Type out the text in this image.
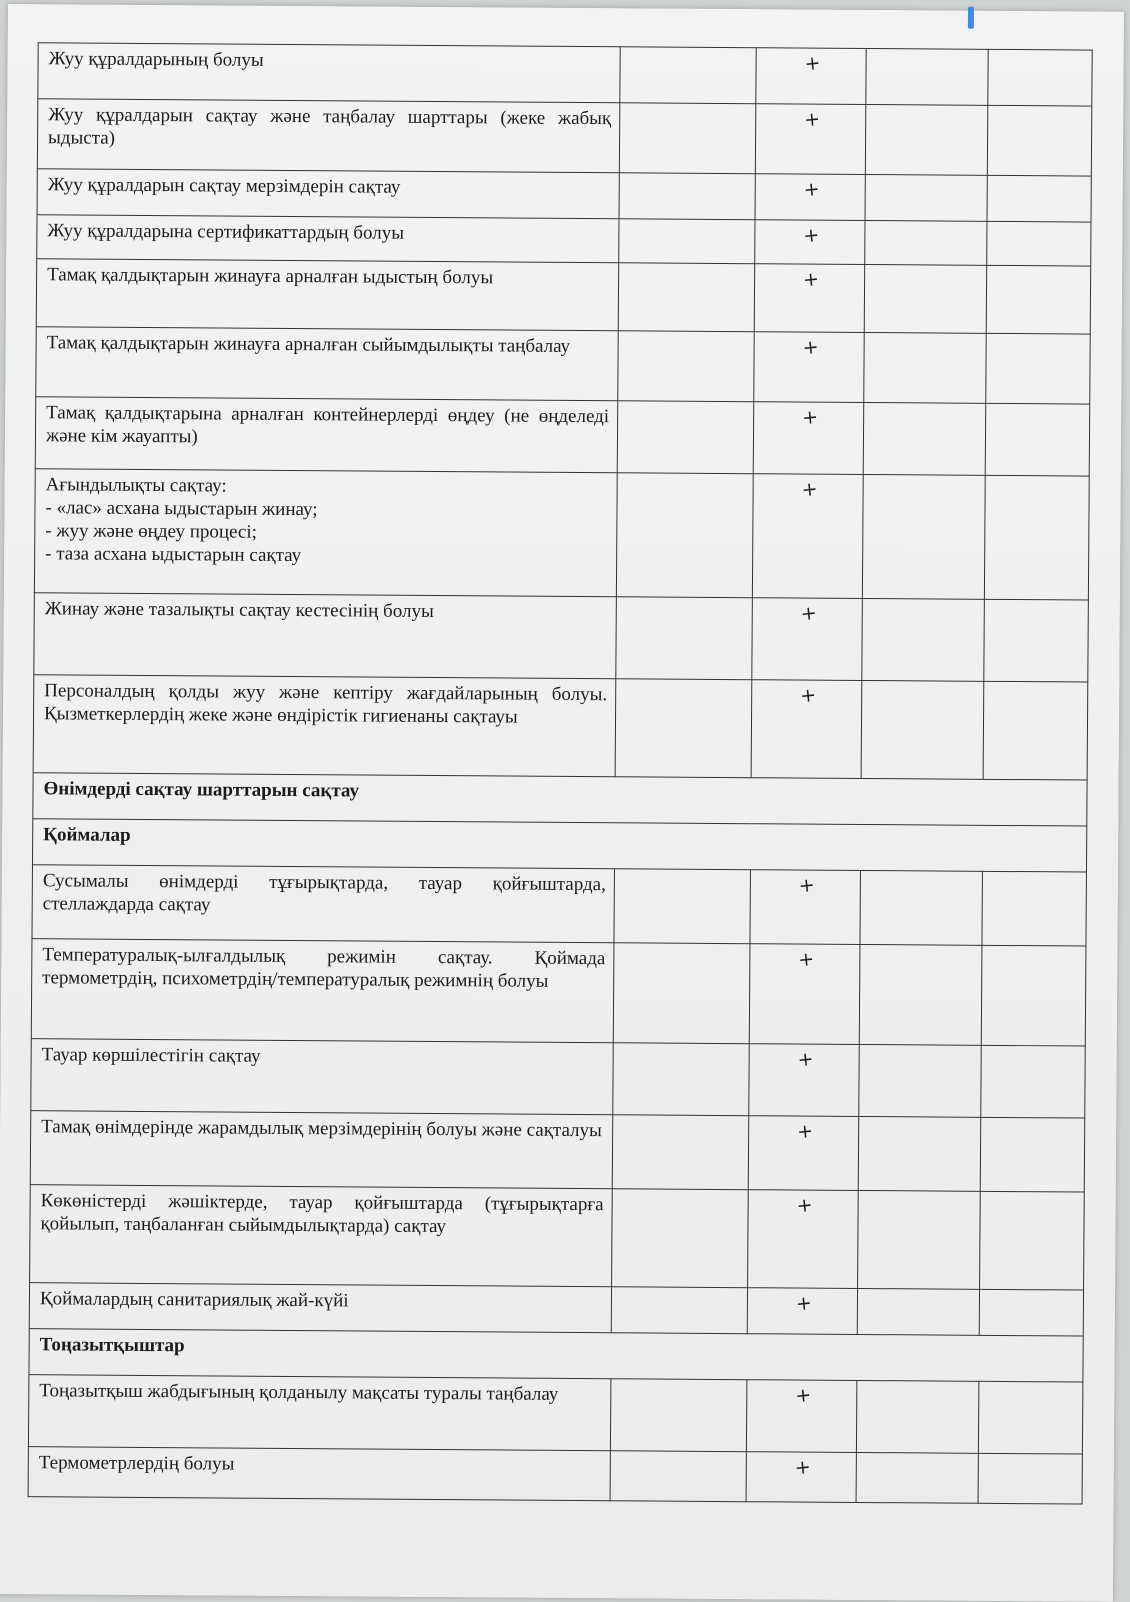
Жуу құралдарының болуы		+		
Жуу құралдарын сақтау және таңбалау шарттары (жеке жабық ыдыста)		+		
Жуу құралдарын сақтау мерзімдерін сақтау		+		
Жуу құралдарына сертификаттардың болуы		+		
Тамақ қалдықтарын жинауға арналған ыдыстың болуы		+		
Тамақ қалдықтарын жинауға арналған сыйымдылықты таңбалау		+		
Тамақ қалдықтарына арналған контейнерлерді өңдеу (не өңделеді және кім жауапты)		+		

Ағындылықты сақтау:
- «лас» асхана ыдыстарын жинау;
- жуу және өңдеу процесі;
- таза асхана ыдыстарын сақтау		+		
Жинау және тазалықты сақтау кестесінің болуы		+		
Персоналдың қолды жуу және кептіру жағдайларының болуы. Қызметкерлердің жеке және өндірістік гигиенаны сақтауы		+		
Өнімдерді сақтау шарттарын сақтау				
Қоймалар				
Сусымалы өнімдерді тұғырықтарда, тауар қойғыштарда, стеллаждарда сақтау		+		
Температуралық-ылғалдылық режимін сақтау. Қоймада термометрдің, психометрдің/температуралық режимнің болуы		+		
Тауар көршілестігін сақтау		+		
Тамақ өнімдерінде жарамдылық мерзімдерінің болуы және сақталуы		+		
Көкөністерді жәшіктерде, тауар қойғыштарда (тұғырықтарға қойылып, таңбаланған сыйымдылықтарда) сақтау		+		
Қоймалардың санитариялық жай-күйі		+		
Тоңазытқыштар				
Тоңазытқыш жабдығының қолданылу мақсаты туралы таңбалау		+		
Термометрлердің болуы		+		
